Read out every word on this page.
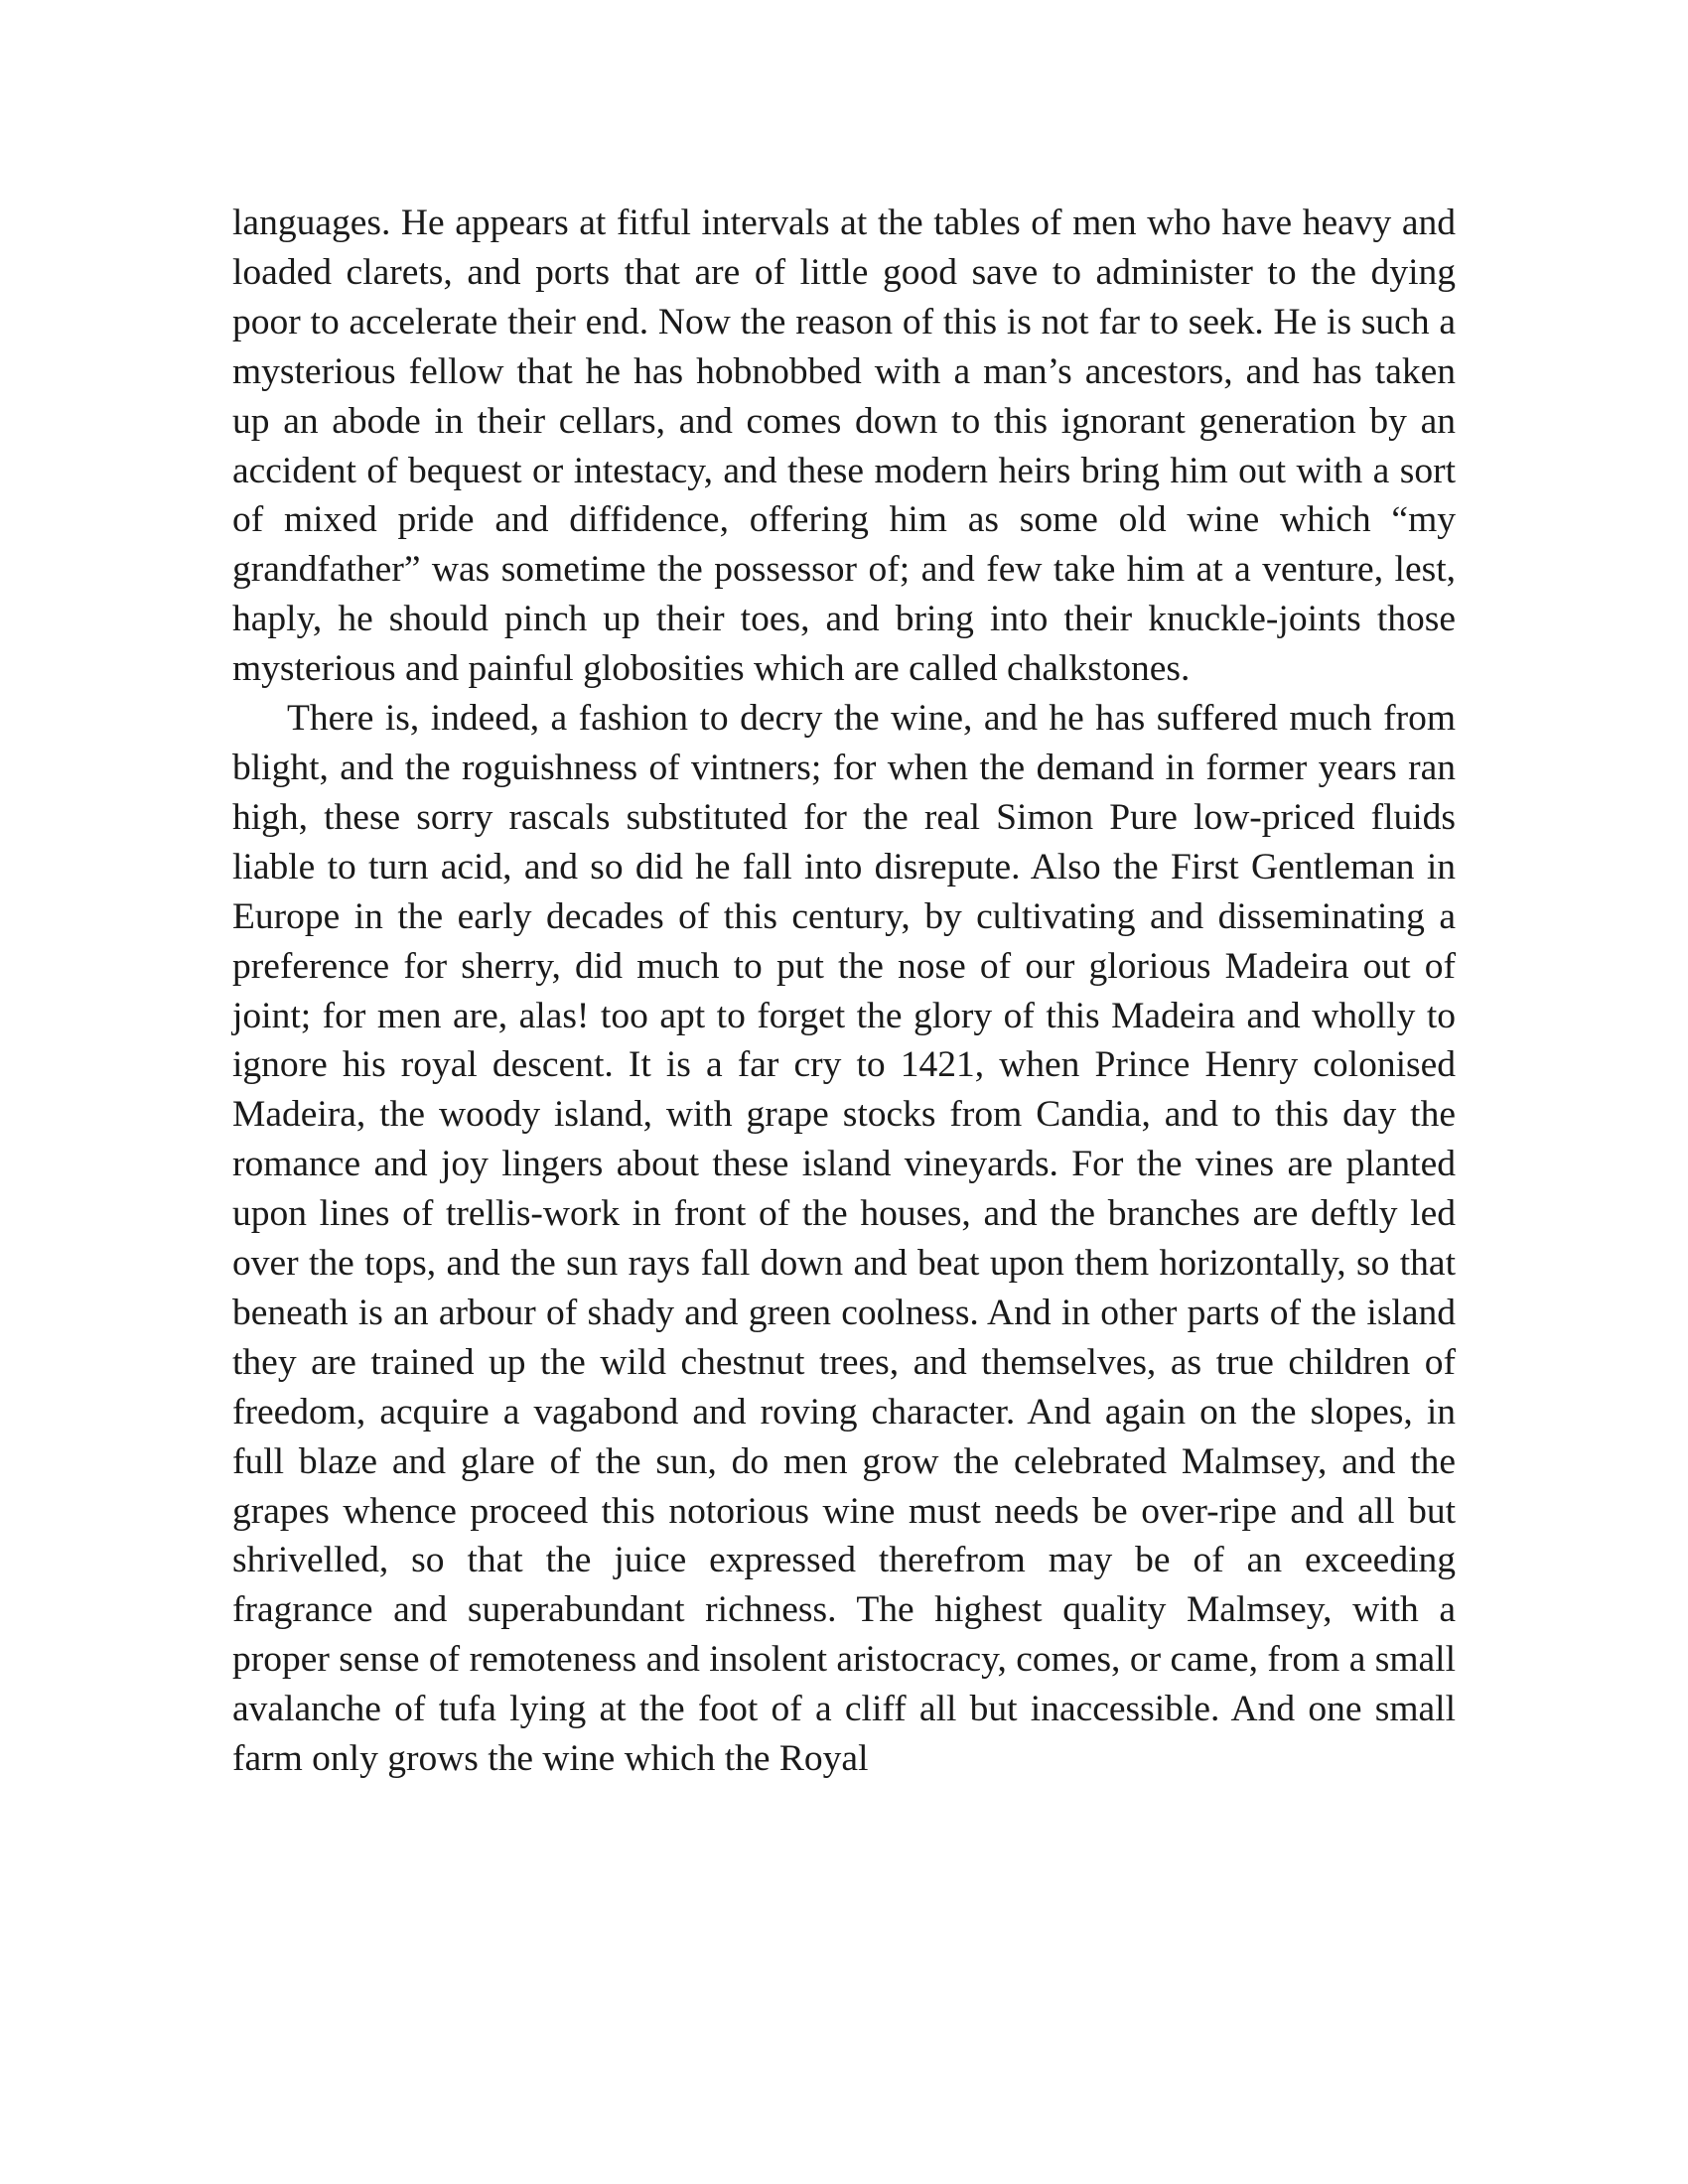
languages. He appears at fitful intervals at the tables of men who have heavy and loaded clarets, and ports that are of little good save to administer to the dying poor to accelerate their end. Now the reason of this is not far to seek. He is such a mysterious fellow that he has hobnobbed with a man’s ancestors, and has taken up an abode in their cellars, and comes down to this ignorant generation by an accident of bequest or intestacy, and these modern heirs bring him out with a sort of mixed pride and diffidence, offering him as some old wine which “my grandfather” was sometime the possessor of; and few take him at a venture, lest, haply, he should pinch up their toes, and bring into their knuckle-joints those mysterious and painful globosities which are called chalkstones.

There is, indeed, a fashion to decry the wine, and he has suffered much from blight, and the roguishness of vintners; for when the demand in former years ran high, these sorry rascals substituted for the real Simon Pure low-priced fluids liable to turn acid, and so did he fall into disrepute. Also the First Gentleman in Europe in the early decades of this century, by cultivating and disseminating a preference for sherry, did much to put the nose of our glorious Madeira out of joint; for men are, alas! too apt to forget the glory of this Madeira and wholly to ignore his royal descent. It is a far cry to 1421, when Prince Henry colonised Madeira, the woody island, with grape stocks from Candia, and to this day the romance and joy lingers about these island vineyards. For the vines are planted upon lines of trellis-work in front of the houses, and the branches are deftly led over the tops, and the sun rays fall down and beat upon them horizontally, so that beneath is an arbour of shady and green coolness. And in other parts of the island they are trained up the wild chestnut trees, and themselves, as true children of freedom, acquire a vagabond and roving character. And again on the slopes, in full blaze and glare of the sun, do men grow the celebrated Malmsey, and the grapes whence proceed this notorious wine must needs be over-ripe and all but shrivelled, so that the juice expressed therefrom may be of an exceeding fragrance and superabundant richness. The highest quality Malmsey, with a proper sense of remoteness and insolent aristocracy, comes, or came, from a small avalanche of tufa lying at the foot of a cliff all but inaccessible. And one small farm only grows the wine which the Royal
